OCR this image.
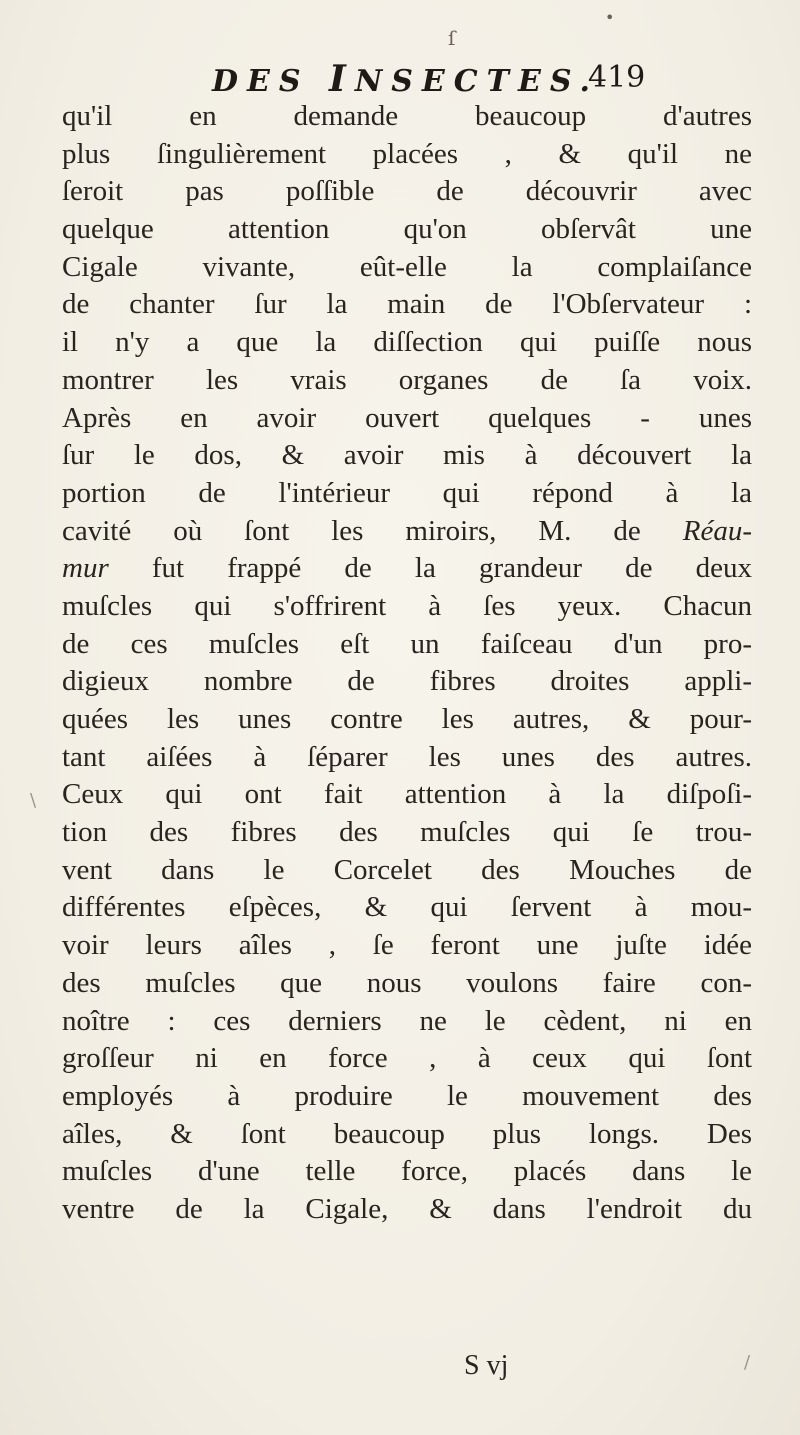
•
ſ
\
/
DES INSECTES.
419
qu'il en demande beaucoup d'autres
plus ſingulièrement placées , & qu'il ne
ſeroit pas poſſible de découvrir avec
quelque attention qu'on obſervât une
Cigale vivante, eût-elle la complaiſance
de chanter ſur la main de l'Obſervateur :
il n'y a que la diſſection qui puiſſe nous
montrer les vrais organes de ſa voix.
Après en avoir ouvert quelques - unes
ſur le dos, & avoir mis à découvert la
portion de l'intérieur qui répond à la
cavité où ſont les miroirs, M. de Réau-
mur fut frappé de la grandeur de deux
muſcles qui s'offrirent à ſes yeux. Chacun
de ces muſcles eſt un faiſceau d'un pro-
digieux nombre de fibres droites appli-
quées les unes contre les autres, & pour-
tant aiſées à ſéparer les unes des autres.
Ceux qui ont fait attention à la diſpoſi-
tion des fibres des muſcles qui ſe trou-
vent dans le Corcelet des Mouches de
différentes eſpèces, & qui ſervent à mou-
voir leurs aîles , ſe feront une juſte idée
des muſcles que nous voulons faire con-
noître : ces derniers ne le cèdent, ni en
groſſeur ni en force , à ceux qui ſont
employés à produire le mouvement des
aîles, & ſont beaucoup plus longs. Des
muſcles d'une telle force, placés dans le
ventre de la Cigale, & dans l'endroit du
S vj
